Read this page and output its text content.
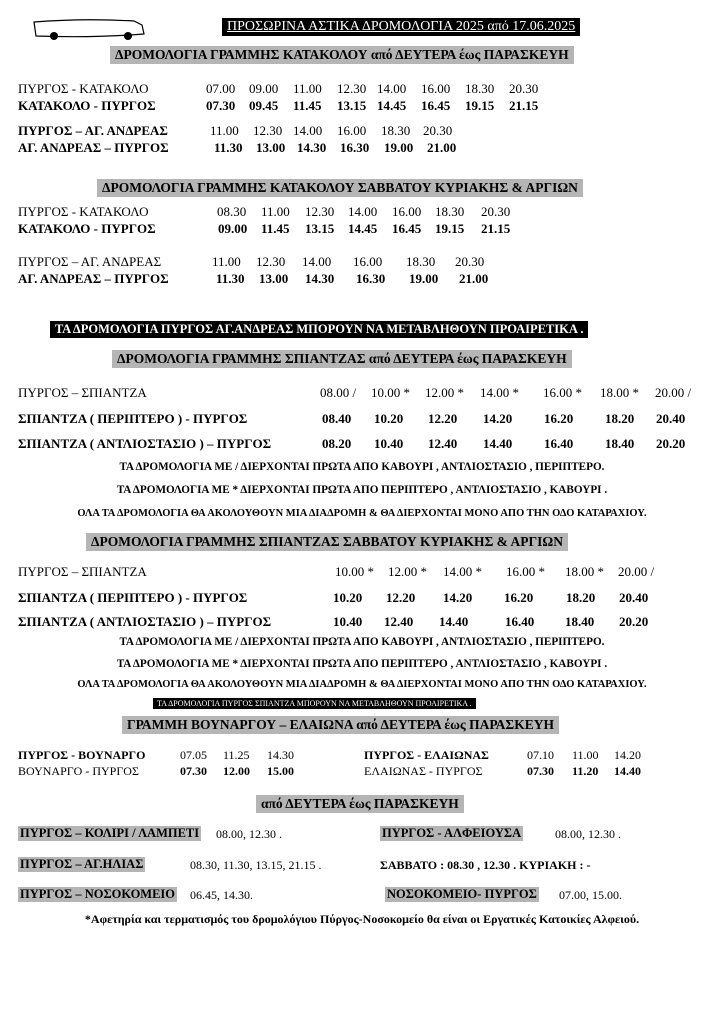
ΠΡΟΣΩΡΙΝΑ ΑΣΤΙΚΑ ΔΡΟΜΟΛΟΓΙΑ 2025 από 17.06.2025
ΔΡΟΜΟΛΟΓΙΑ ΓΡΑΜΜΗΣ ΚΑΤΑΚΟΛΟΥ από ΔΕΥΤΕΡΑ έως ΠΑΡΑΣΚΕΥΗ
ΠΥΡΓΟΣ - ΚΑΤΑΚΟΛΟ	07.00 09.00 11.00 12.30 14.00 16.00 18.30 20.30
ΚΑΤΑΚΟΛΟ - ΠΥΡΓΟΣ	07.30 09.45 11.45 13.15 14.45 16.45 19.15 21.15
ΠΥΡΓΟΣ – ΑΓ. ΑΝΔΡΕΑΣ	11.00 12.30 14.00 16.00 18.30 20.30
ΑΓ. ΑΝΔΡΕΑΣ – ΠΥΡΓΟΣ	11.30 13.00 14.30 16.30 19.00 21.00
ΔΡΟΜΟΛΟΓΙΑ ΓΡΑΜΜΗΣ ΚΑΤΑΚΟΛΟΥ ΣΑΒΒΑΤΟΥ ΚΥΡΙΑΚΗΣ & ΑΡΓΙΩΝ
ΠΥΡΓΟΣ - ΚΑΤΑΚΟΛΟ	08.30 11.00 12.30 14.00 16.00 18.30 20.30
ΚΑΤΑΚΟΛΟ - ΠΥΡΓΟΣ	09.00 11.45 13.15 14.45 16.45 19.15 21.15
ΠΥΡΓΟΣ – ΑΓ. ΑΝΔΡΕΑΣ	11.00 12.30 14.00 16.00 18.30 20.30
ΑΓ. ΑΝΔΡΕΑΣ – ΠΥΡΓΟΣ	11.30 13.00 14.30 16.30 19.00 21.00
ΤΑ ΔΡΟΜΟΛΟΓΙΑ ΠΥΡΓΟΣ ΑΓ.ΑΝΔΡΕΑΣ ΜΠΟΡΟΥΝ ΝΑ ΜΕΤΑΒΛΗΘΟΥΝ ΠΡΟΑΙΡΕΤΙΚΑ .
ΔΡΟΜΟΛΟΓΙΑ ΓΡΑΜΜΗΣ ΣΠΙΑΝΤΖΑΣ από ΔΕΥΤΕΡΑ έως ΠΑΡΑΣΚΕΥΗ
ΠΥΡΓΟΣ – ΣΠΙΑΝΤΖΑ	08.00 / 10.00 * 12.00 * 14.00 * 16.00 * 18.00 * 20.00 /
ΣΠΙΑΝΤΖΑ ( ΠΕΡΙΠΤΕΡΟ ) - ΠΥΡΓΟΣ	08.40 10.20 12.20 14.20 16.20 18.20 20.40
ΣΠΙΑΝΤΖΑ ( ΑΝΤΛΙΟΣΤΑΣΙΟ ) – ΠΥΡΓΟΣ	08.20 10.40 12.40 14.40 16.40 18.40 20.20
ΤΑ ΔΡΟΜΟΛΟΓΙΑ ΜΕ / ΔΙΕΡΧΟΝΤΑΙ ΠΡΩΤΑ ΑΠΟ ΚΑΒΟΥΡΙ , ΑΝΤΛΙΟΣΤΑΣΙΟ , ΠΕΡΙΠΤΕΡΟ.
ΤΑ ΔΡΟΜΟΛΟΓΙΑ ΜΕ * ΔΙΕΡΧΟΝΤΑΙ ΠΡΩΤΑ ΑΠΟ ΠΕΡΙΠΤΕΡΟ , ΑΝΤΛΙΟΣΤΑΣΙΟ , ΚΑΒΟΥΡΙ .
ΟΛΑ ΤΑ ΔΡΟΜΟΛΟΓΙΑ ΘΑ ΑΚΟΛΟΥΘΟΥΝ ΜΙΑ ΔΙΑΔΡΟΜΗ & ΘΑ ΔΙΕΡΧΟΝΤΑΙ ΜΟΝΟ ΑΠΟ ΤΗΝ ΟΔΟ ΚΑΤΑΡΑΧΙΟΥ.
ΔΡΟΜΟΛΟΓΙΑ ΓΡΑΜΜΗΣ ΣΠΙΑΝΤΖΑΣ ΣΑΒΒΑΤΟΥ ΚΥΡΙΑΚΗΣ & ΑΡΓΙΩΝ
ΠΥΡΓΟΣ – ΣΠΙΑΝΤΖΑ	10.00 * 12.00 * 14.00 * 16.00 * 18.00 * 20.00 /
ΣΠΙΑΝΤΖΑ ( ΠΕΡΙΠΤΕΡΟ ) - ΠΥΡΓΟΣ	10.20 12.20 14.20 16.20	18.20 20.40
ΣΠΙΑΝΤΖΑ ( ΑΝΤΛΙΟΣΤΑΣΙΟ ) – ΠΥΡΓΟΣ	10.40 12.40 14.40	16.40 18.40 20.20
ΤΑ ΔΡΟΜΟΛΟΓΙΑ ΜΕ / ΔΙΕΡΧΟΝΤΑΙ ΠΡΩΤΑ ΑΠΟ ΚΑΒΟΥΡΙ , ΑΝΤΛΙΟΣΤΑΣΙΟ , ΠΕΡΙΠΤΕΡΟ.
ΤΑ ΔΡΟΜΟΛΟΓΙΑ ΜΕ * ΔΙΕΡΧΟΝΤΑΙ ΠΡΩΤΑ ΑΠΟ ΠΕΡΙΠΤΕΡΟ , ΑΝΤΛΙΟΣΤΑΣΙΟ , ΚΑΒΟΥΡΙ .
ΟΛΑ ΤΑ ΔΡΟΜΟΛΟΓΙΑ ΘΑ ΑΚΟΛΟΥΘΟΥΝ ΜΙΑ ΔΙΑΔΡΟΜΗ & ΘΑ ΔΙΕΡΧΟΝΤΑΙ ΜΟΝΟ ΑΠΟ ΤΗΝ ΟΔΟ ΚΑΤΑΡΑΧΙΟΥ.
ΤΑ ΔΡΟΜΟΛΟΓΙΑ ΠΥΡΓΟΣ ΣΠΙΑΝΤΖΑ ΜΠΟΡΟΥΝ ΝΑ ΜΕΤΑΒΛΗΘΟΥΝ ΠΡΟΑΙΡΕΤΙΚΑ .
ΓΡΑΜΜΗ ΒΟΥΝΑΡΓΟΥ – ΕΛΑΙΩΝΑ από ΔΕΥΤΕΡΑ έως ΠΑΡΑΣΚΕΥΗ
ΠΥΡΓΟΣ - ΒΟΥΝΑΡΓΟ	07.05 11.25 14.30
ΒΟΥΝΑΡΓΟ - ΠΥΡΓΟΣ	07.30 12.00 15.00
ΠΥΡΓΟΣ - ΕΛΑΙΩΝΑΣ	07.10 11.00 14.20
ΕΛΑΙΩΝΑΣ - ΠΥΡΓΟΣ	07.30 11.20 14.40
από ΔΕΥΤΕΡΑ έως ΠΑΡΑΣΚΕΥΗ
ΠΥΡΓΟΣ – ΚΟΛΙΡΙ / ΛΑΜΠΕΤΙ 08.00, 12.30 .	ΠΥΡΓΟΣ - ΑΛΦΕΙΟΥΣΑ	08.00, 12.30 .
ΠΥΡΓΟΣ – ΑΓ.ΗΛΙΑΣ	08.30, 11.30, 13.15, 21.15 .	ΣΑΒΒΑΤΟ : 08.30 , 12.30 . ΚΥΡΙΑΚΗ : -
ΠΥΡΓΟΣ – ΝΟΣΟΚΟΜΕΙΟ 06.45, 14.30.	ΝΟΣΟΚΟΜΕΙΟ- ΠΥΡΓΟΣ 07.00, 15.00.
*Αφετηρία και τερματισμός του δρομολόγιου Πύργος-Νοσοκομείο θα είναι οι Εργατικές Κατοικίες Αλφειού.
